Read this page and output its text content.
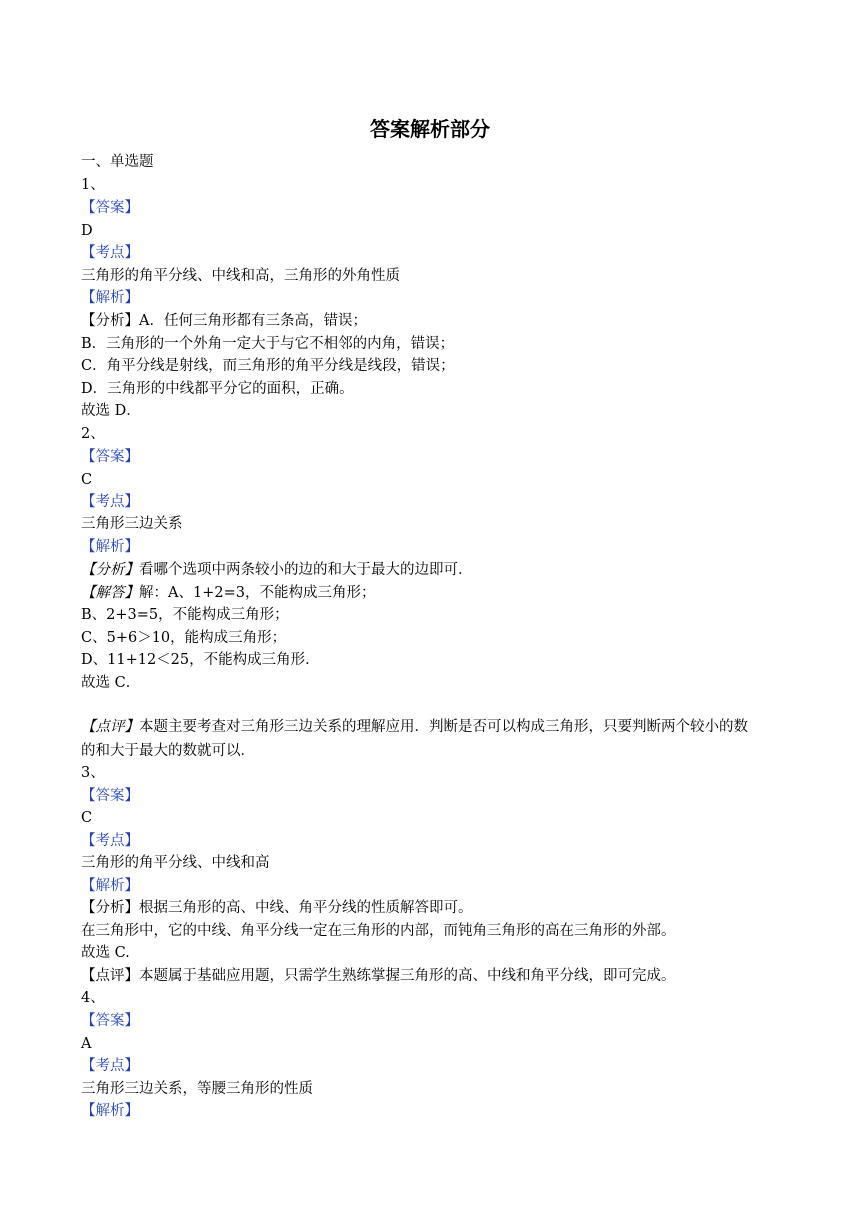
答案解析部分
一、单选题
1、
【答案】
D
【考点】
三角形的角平分线、中线和高，三角形的外角性质
【解析】
【分析】A．任何三角形都有三条高，错误；
B．三角形的一个外角一定大于与它不相邻的内角，错误；
C．角平分线是射线，而三角形的角平分线是线段，错误；
D．三角形的中线都平分它的面积，正确。
故选 D．
2、
【答案】
C
【考点】
三角形三边关系
【解析】
【分析】看哪个选项中两条较小的边的和大于最大的边即可．
【解答】解：A、1+2=3，不能构成三角形；
B、2+3=5，不能构成三角形；
C、5+6＞10，能构成三角形；
D、11+12＜25，不能构成三角形．
故选 C．
【点评】本题主要考查对三角形三边关系的理解应用．判断是否可以构成三角形，只要判断两个较小的数
的和大于最大的数就可以．
3、
【答案】
C
【考点】
三角形的角平分线、中线和高
【解析】
【分析】根据三角形的高、中线、角平分线的性质解答即可。
在三角形中，它的中线、角平分线一定在三角形的内部，而钝角三角形的高在三角形的外部。
故选 C.
【点评】本题属于基础应用题，只需学生熟练掌握三角形的高、中线和角平分线，即可完成。
4、
【答案】
A
【考点】
三角形三边关系，等腰三角形的性质
【解析】
